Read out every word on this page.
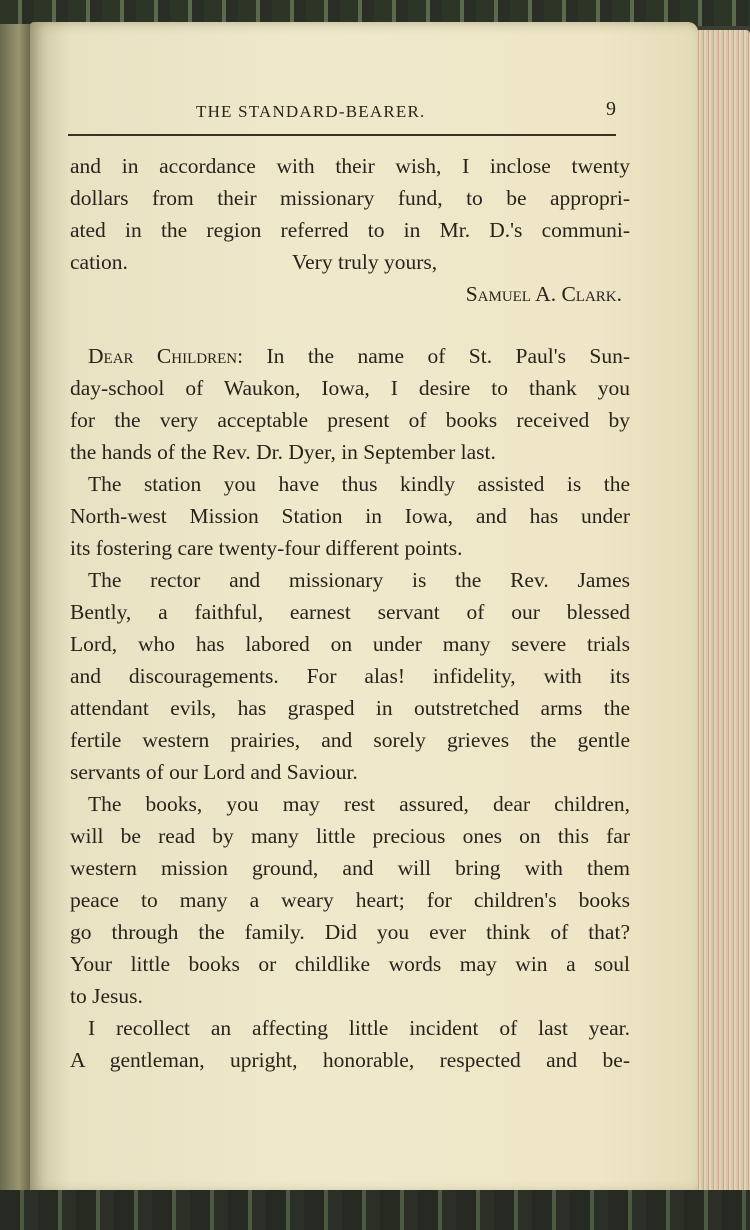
THE STANDARD-BEARER.	9
and in accordance with their wish, I inclose twenty
dollars from their missionary fund, to be appropri-
ated in the region referred to in Mr. D.'s communi-
cation.	Very truly yours,
Samuel A. Clark.
Dear Children: In the name of St. Paul's Sun-
day-school of Waukon, Iowa, I desire to thank you
for the very acceptable present of books received by
the hands of the Rev. Dr. Dyer, in September last.
The station you have thus kindly assisted is the
North-west Mission Station in Iowa, and has under
its fostering care twenty-four different points.
The rector and missionary is the Rev. James
Bently, a faithful, earnest servant of our blessed
Lord, who has labored on under many severe trials
and discouragements. For alas! infidelity, with its
attendant evils, has grasped in outstretched arms the
fertile western prairies, and sorely grieves the gentle
servants of our Lord and Saviour.
The books, you may rest assured, dear children,
will be read by many little precious ones on this far
western mission ground, and will bring with them
peace to many a weary heart; for children's books
go through the family. Did you ever think of that?
Your little books or childlike words may win a soul
to Jesus.
I recollect an affecting little incident of last year.
A gentleman, upright, honorable, respected and be-
